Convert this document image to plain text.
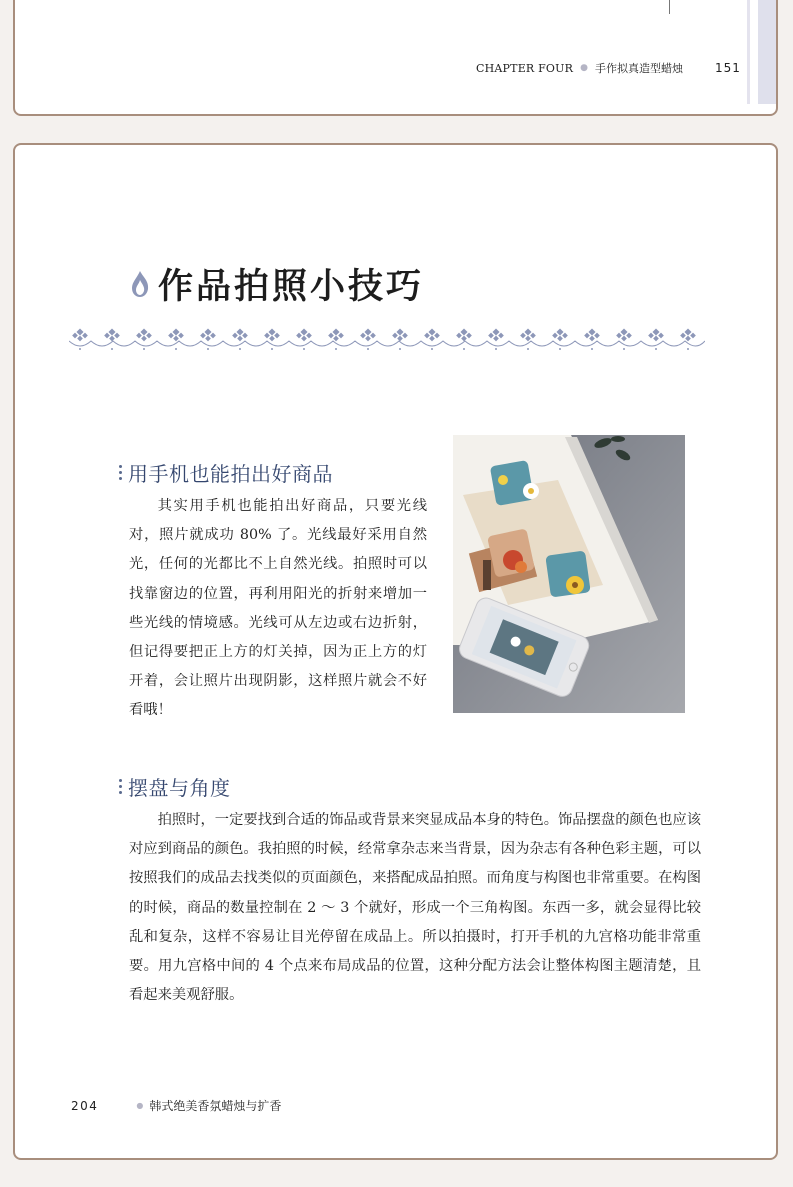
CHAPTER FOUR ● 手作拟真造型蜡烛	151
作品拍照小技巧
用手机也能拍出好商品

其实用手机也能拍出好商品，只要光线对，照片就成功 80% 了。光线最好采用自然光，任何的光都比不上自然光线。拍照时可以找靠窗边的位置，再利用阳光的折射来增加一些光线的情境感。光线可从左边或右边折射，但记得要把正上方的灯关掉，因为正上方的灯开着，会让照片出现阴影，这样照片就会不好看哦！

摆盘与角度

拍照时，一定要找到合适的饰品或背景来突显成品本身的特色。饰品摆盘的颜色也应该对应到商品的颜色。我拍照的时候，经常拿杂志来当背景，因为杂志有各种色彩主题，可以按照我们的成品去找类似的页面颜色，来搭配成品拍照。而角度与构图也非常重要。在构图的时候，商品的数量控制在 2 ～ 3 个就好，形成一个三角构图。东西一多，就会显得比较乱和复杂，这样不容易让目光停留在成品上。所以拍摄时，打开手机的九宫格功能非常重要。用九宫格中间的 4 个点来布局成品的位置，这种分配方法会让整体构图主题清楚，且看起来美观舒服。

204	● 韩式绝美香氛蜡烛与扩香
